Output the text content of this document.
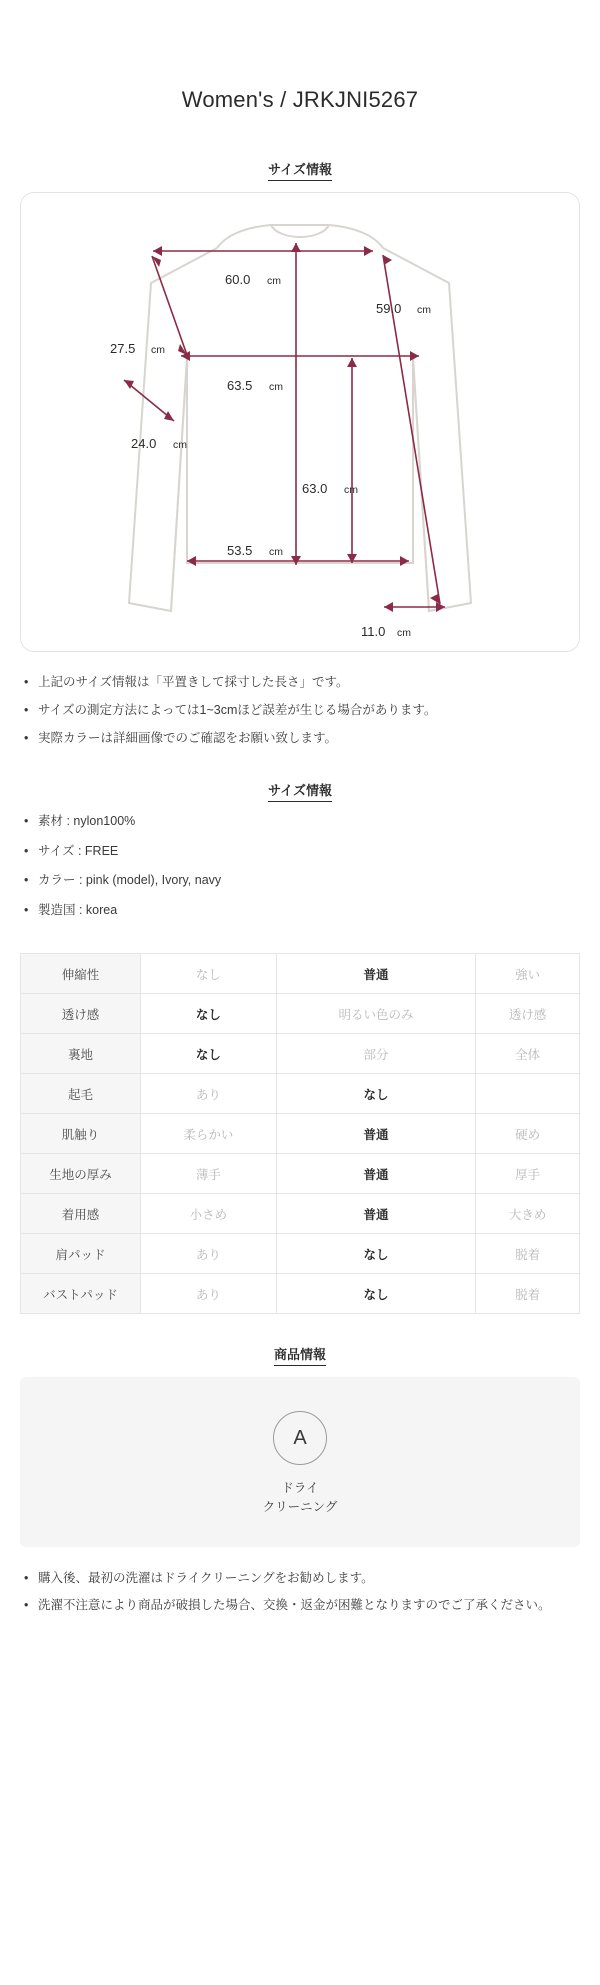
Women's / JRKJNI5267
サイズ情報
60.0 cm
59.0 cm
27.5 cm
63.5 cm
24.0 cm
63.0 cm
53.5 cm
11.0 cm
• 上記のサイズ情報は「平置きして採寸した長さ」です。
• サイズの測定方法によっては1~3cmほど誤差が生じる場合があります。
• 実際カラーは詳細画像でのご確認をお願い致します。
サイズ情報
• 素材 : nylon100%
• サイズ : FREE
• カラー : pink (model), Ivory, navy
• 製造国 : korea
伸縮性	なし	普通	強い
透け感	なし	明るい色のみ	透け感
裏地	なし	部分	全体
起毛	あり	なし	
肌触り	柔らかい	普通	硬め
生地の厚み	薄手	普通	厚手
着用感	小さめ	普通	大きめ
肩パッド	あり	なし	脱着
バストパッド	あり	なし	脱着
商品情報
A
ドライ
クリーニング
• 購入後、最初の洗濯はドライクリーニングをお勧めします。
• 洗濯不注意により商品が破損した場合、交換・返金が困難となりますのでご了承ください。
